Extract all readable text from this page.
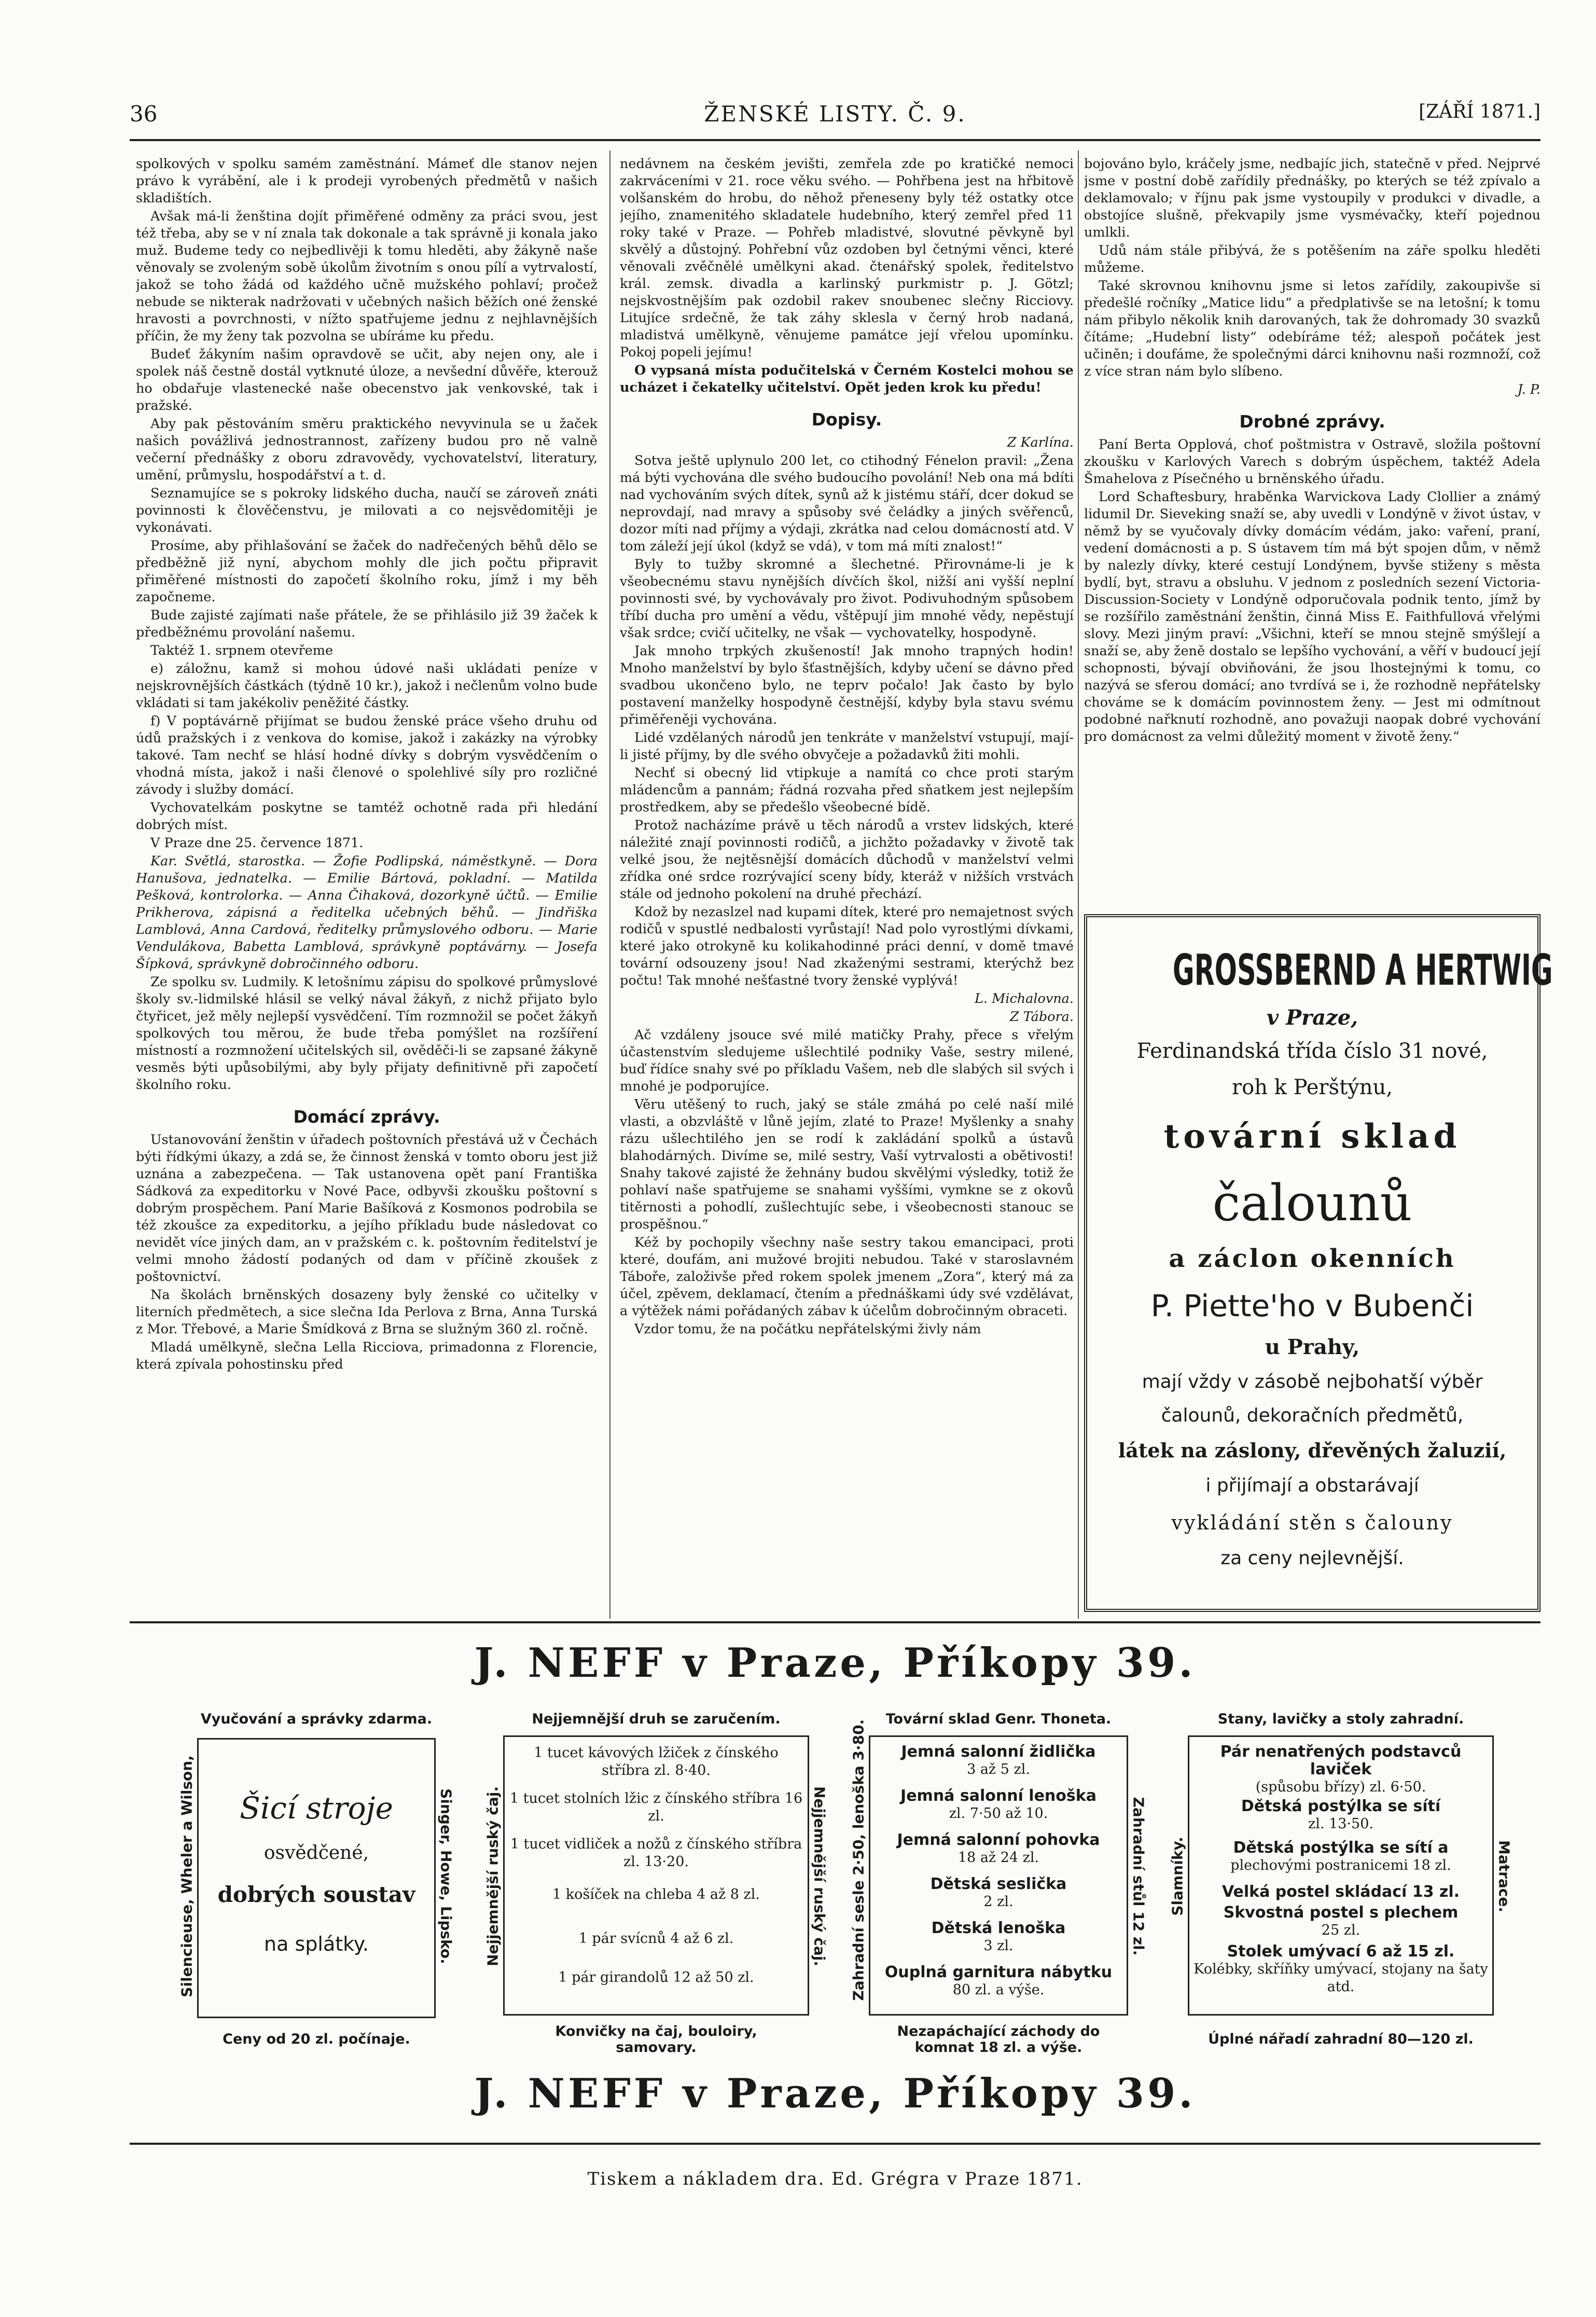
36	ŽENSKÉ LISTY. Č. 9.	[ZÁŘÍ 1871.]

spolkových v spolku samém zaměstnání. Mámeť dle stanov nejen právo k vyrábění, ale i k prodeji vyrobených předmětů v našich skladištích.

Avšak má-li ženština dojít přiměřené odměny za práci svou, jest též třeba, aby se v ní znala tak dokonale a tak správně ji konala jako muž. Budeme tedy co nejbedlivěji k tomu hleděti, aby žákyně naše věnovaly se zvoleným sobě úkolům životním s onou pílí a vytrvalostí, jakož se toho žádá od každého učně mužského pohlaví; pročež nebude se nikterak nadržovati v učebných našich běžích oné ženské hravosti a povrchnosti, v nížto spatřujeme jednu z nejhlavnějších příčin, že my ženy tak pozvolna se ubíráme ku předu.

Budeť žákyním našim opravdově se učit, aby nejen ony, ale i spolek náš čestně dostál vytknuté úloze, a nevšední důvěře, kterouž ho obdařuje vlastenecké naše obecenstvo jak venkovské, tak i pražské.

Aby pak pěstováním směru praktického nevyvinula se u žaček našich povážlivá jednostrannost, zařízeny budou pro ně valně večerní přednášky z oboru zdravovědy, vychovatelství, literatury, umění, průmyslu, hospodářství a t. d.

Seznamujíce se s pokroky lidského ducha, naučí se zároveň znáti povinnosti k člověčenstvu, je milovati a co nejsvědomitěji je vykonávati.

Prosíme, aby přihlašování se žaček do nadřečených běhů dělo se předběžně již nyní, abychom mohly dle jich počtu připravit přiměřené místnosti do započetí školního roku, jímž i my běh započneme.

Bude zajisté zajímati naše přátele, že se přihlásilo již 39 žaček k předběžnému provolání našemu.

Taktéž 1. srpnem otevřeme

e) záložnu, kamž si mohou údové naši ukládati peníze v nejskrovnějších částkách (týdně 10 kr.), jakož i nečlenům volno bude vkládati si tam jakékoliv peněžité částky.

f) V poptávárně přijímat se budou ženské práce všeho druhu od údů pražských i z venkova do komise, jakož i zakázky na výrobky takové. Tam nechť se hlásí hodné dívky s dobrým vysvědčením o vhodná místa, jakož i naši členové o spolehlivé síly pro rozličné závody i služby domácí.

Vychovatelkám poskytne se tamtéž ochotně rada při hledání dobrých míst.

V Praze dne 25. července 1871.

Kar. Světlá, starostka. — Žofie Podlipská, náměstkyně. — Dora Hanušova, jednatelka. — Emilie Bártová, pokladní. — Matilda Pešková, kontrolorka. — Anna Čihaková, dozorkyně účtů. — Emilie Prikherova, zápisná a ředitelka učebných běhů. — Jindřiška Lamblová, Anna Cardová, ředitelky průmyslového odboru. — Marie Vendulákova, Babetta Lamblová, správkyně poptávárny. — Josefa Šípková, správkyně dobročinného odboru.

Ze spolku sv. Ludmily. K letošnímu zápisu do spolkové průmyslové školy sv.-lidmilské hlásil se velký nával žákyň, z nichž přijato bylo čtyřicet, jež měly nejlepší vysvědčení. Tím rozmnožil se počet žákyň spolkových tou měrou, že bude třeba pomýšlet na rozšíření místností a rozmnožení učitelských sil, ověděči-li se zapsané žákyně vesměs býti upůsobilými, aby byly přijaty definitivně při započetí školního roku.

Domácí zprávy.

Ustanovování ženštin v úřadech poštovních přestává už v Čechách býti řídkými úkazy, a zdá se, že činnost ženská v tomto oboru jest již uznána a zabezpečena. — Tak ustanovena opět paní Františka Sádková za expeditorku v Nové Pace, odbyvši zkoušku poštovní s dobrým prospěchem. Paní Marie Bašíková z Kosmonos podrobila se též zkoušce za expeditorku, a jejího příkladu bude následovat co nevidět více jiných dam, an v pražském c. k. poštovním ředitelství je velmi mnoho žádostí podaných od dam v příčině zkoušek z poštovnictví.

Na školách brněnských dosazeny byly ženské co učitelky v literních předmětech, a sice slečna Ida Perlova z Brna, Anna Turská z Mor. Třebové, a Marie Šmídková z Brna se služným 360 zl. ročně.

Mladá umělkyně, slečna Lella Ricciova, primadonna z Florencie, která zpívala pohostinsku před

nedávnem na českém jevišti, zemřela zde po kratičké nemoci zakrváceními v 21. roce věku svého. — Pohřbena jest na hřbitově volšanském do hrobu, do něhož přeneseny byly též ostatky otce jejího, znamenitého skladatele hudebního, který zemřel před 11 roky také v Praze. — Pohřeb mladistvé, slovutné pěvkyně byl skvělý a důstojný. Pohřební vůz ozdoben byl četnými věnci, které věnovali zvěčnělé umělkyni akad. čtenářský spolek, ředitelstvo král. zemsk. divadla a karlinský purkmistr p. J. Götzl; nejskvostnějším pak ozdobil rakev snoubenec slečny Ricciovy. Litujíce srdečně, že tak záhy sklesla v černý hrob nadaná, mladistvá umělkyně, věnujeme památce její vřelou upomínku. Pokoj popeli jejímu!

O vypsaná místa podučitelská v Černém Kostelci mohou se ucházet i čekatelky učitelství. Opět jeden krok ku předu!

Dopisy.

Z Karlína.

Sotva ještě uplynulo 200 let, co ctihodný Fénelon pravil: „Žena má býti vychována dle svého budoucího povolání! Neb ona má bdíti nad vychováním svých dítek, synů až k jistému stáří, dcer dokud se neprovdají, nad mravy a spůsoby své čeládky a jiných svěřenců, dozor míti nad příjmy a výdaji, zkrátka nad celou domácností atd. V tom záleží její úkol (když se vdá), v tom má míti znalost!“

Byly to tužby skromné a šlechetné. Přirovnáme-li je k všeobecnému stavu nynějších dívčích škol, nižší ani vyšší neplní povinnosti své, by vychovávaly pro život. Podivuhodným spůsobem tříbí ducha pro umění a vědu, vštěpují jim mnohé vědy, nepěstují však srdce; cvičí učitelky, ne však — vychovatelky, hospodyně.

Jak mnoho trpkých zkušeností! Jak mnoho trapných hodin! Mnoho manželství by bylo šťastnějších, kdyby učení se dávno před svadbou ukončeno bylo, ne teprv počalo! Jak často by bylo postavení manželky hospodyně čestnější, kdyby byla stavu svému přiměřeněji vychována.

Lidé vzdělaných národů jen tenkráte v manželství vstupují, mají-li jisté příjmy, by dle svého obvyčeje a požadavků žiti mohli.

Nechť si obecný lid vtipkuje a namítá co chce proti starým mládencům a pannám; řádná rozvaha před sňatkem jest nejlepším prostředkem, aby se předešlo všeobecné bídě.

Protož nacházíme právě u těch národů a vrstev lidských, které náležité znají povinnosti rodičů, a jichžto požadavky v životě tak velké jsou, že nejtěsnější domácích důchodů v manželství velmi zřídka oné srdce rozrývající sceny bídy, kteráž v nižších vrstvách stále od jednoho pokolení na druhé přechází.

Kdož by nezaslzel nad kupami dítek, které pro nemajetnost svých rodičů v spustlé nedbalosti vyrůstají! Nad polo vyrostlými dívkami, které jako otrokyně ku kolikahodinné práci denní, v domě tmavé tovární odsouzeny jsou! Nad zkaženými sestrami, kterýchž bez počtu! Tak mnohé nešťastné tvory ženské vyplývá!

L. Michalovna.

Z Tábora.

Ač vzdáleny jsouce své milé matičky Prahy, přece s vřelým účastenstvím sledujeme ušlechtilé podniky Vaše, sestry milené, buď řídíce snahy své po příkladu Vašem, neb dle slabých sil svých i mnohé je podporujíce.

Věru utěšený to ruch, jaký se stále zmáhá po celé naší milé vlasti, a obzvláště v lůně jejím, zlaté to Praze! Myšlenky a snahy rázu ušlechtilého jen se rodí k zakládání spolků a ústavů blahodárných. Divíme se, milé sestry, Vaší vytrvalosti a obětivosti! Snahy takové zajisté že žehnány budou skvělými výsledky, totiž že pohlaví naše spatřujeme se snahami vyššími, vymkne se z okovů titěrnosti a pohodlí, zušlechtujíc sebe, i všeobecnosti stanouc se prospěšnou.“

Kéž by pochopily všechny naše sestry takou emancipaci, proti které, doufám, ani mužové brojiti nebudou. Také v staroslavném Táboře, založivše před rokem spolek jmenem „Zora“, který má za účel, zpěvem, deklamací, čtením a přednáškami údy své vzdělávat, a výtěžek námi pořádaných zábav k účelům dobročinným obraceti.

Vzdor tomu, že na počátku nepřátelskými živly nám

bojováno bylo, kráčely jsme, nedbajíc jich, statečně v před. Nejprvé jsme v postní době zařídily přednášky, po kterých se též zpívalo a deklamovalo; v říjnu pak jsme vystoupily v produkci v divadle, a obstojíce slušně, překvapily jsme vysmévačky, kteří pojednou umlkli.

Udů nám stále přibývá, že s potěšením na záře spolku hleděti můžeme.

Také skrovnou knihovnu jsme si letos zařídily, zakoupivše si předešlé ročníky „Matice lidu“ a předplativše se na letošní; k tomu nám přibylo několik knih darovaných, tak že dohromady 30 svazků čítáme; „Hudební listy“ odebíráme též; alespoň počátek jest učiněn; i doufáme, že společnými dárci knihovnu naši rozmnoží, což z více stran nám bylo slíbeno.

J. P.

Drobné zprávy.

Paní Berta Opplová, choť poštmistra v Ostravě, složila poštovní zkoušku v Karlových Varech s dobrým úspěchem, taktéž Adela Šmahelova z Písečného u brněnského úřadu.

Lord Schaftesbury, hraběnka Warvickova Lady Clollier a známý lidumil Dr. Sieveking snaží se, aby uvedli v Londýně v život ústav, v němž by se vyučovaly dívky domácím védám, jako: vaření, praní, vedení domácnosti a p. S ústavem tím má být spojen dům, v němž by nalezly dívky, které cestují Londýnem, byvše stiženy s města bydlí, byt, stravu a obsluhu. V jednom z posledních sezení Victoria-Discussion-Society v Londýně odporučovala podnik tento, jímž by se rozšířilo zaměstnání ženštin, činná Miss E. Faithfullová vřelými slovy. Mezi jiným praví: „Všichni, kteří se mnou stejně smýšlejí a snaží se, aby ženě dostalo se lepšího vychování, a věří v budoucí její schopnosti, bývají obviňováni, že jsou lhostejnými k tomu, co nazývá se sferou domácí; ano tvrdívá se i, že rozhodně nepřátelsky chováme se k domácím povinnostem ženy. — Jest mi odmítnout podobné nařknutí rozhodně, ano považuji naopak dobré vychování pro domácnost za velmi důležitý moment v životě ženy.“

GROSSBERND A HERTWIG
v Praze,
Ferdinandská třída číslo 31 nové,
roh k Perštýnu,
tovární sklad
čalounů
a záclon okenních
P. Piette'ho v Bubenči
u Prahy,
mají vždy v zásobě nejbohatší výběr
čalounů, dekoračních předmětů,
látek na záslony, dřevěných žaluzií,
i přijímají a obstarávají
vykládání stěn s čalouny
za ceny nejlevnější.
J. NEFF v Praze, Příkopy 39.
Vyučování a správky zdarma.
Silencieuse, Wheler a Wilson,	Singer, Howe, Lipsko.
Šicí stroje
osvědčené,
dobrých soustav
na splátky.
Ceny od 20 zl. počínaje.
Nejjemnější druh se zaručením.
Nejjemnější ruský čaj.	Nejjemnější ruský čaj.
1 tucet kávových lžiček z čínského stříbra zl. 8·40.
1 tucet stolních lžic z čínského stříbra 16 zl.
1 tucet vidliček a nožů z čínského stříbra zl. 13·20.
1 košíček na chleba 4 až 8 zl.
1 pár svícnů 4 až 6 zl.
1 pár girandolů 12 až 50 zl.
Konvičky na čaj, bouloiry, samovary.
Tovární sklad Genr. Thoneta.
Zahradní sesle 2·50, lenoška 3·80.	Zahradní stůl 12 zl.
Jemná salonní židlička
3 až 5 zl.
Jemná salonní lenoška
zl. 7·50 až 10.
Jemná salonní pohovka
18 až 24 zl.
Dětská seslička
2 zl.
Dětská lenoška
3 zl.
Ouplná garnitura nábytku
80 zl. a výše.
Nezapáchající záchody do komnat 18 zl. a výše.
Stany, lavičky a stoly zahradní.
Slamníky.	Matrace.
Pár nenatřených podstavců laviček
(spůsobu břízy) zl. 6·50.
Dětská postýlka se sítí
zl. 13·50.
Dětská postýlka se sítí a
plechovými postranicemi 18 zl.
Velká postel skládací 13 zl.
Skvostná postel s plechem
25 zl.
Stolek umývací 6 až 15 zl.
Kolébky, skříňky umývací, stojany na šaty atd.
Úplné nářadí zahradní 80—120 zl.
J. NEFF v Praze, Příkopy 39.
Tiskem a nákladem dra. Ed. Grégra v Praze 1871.
